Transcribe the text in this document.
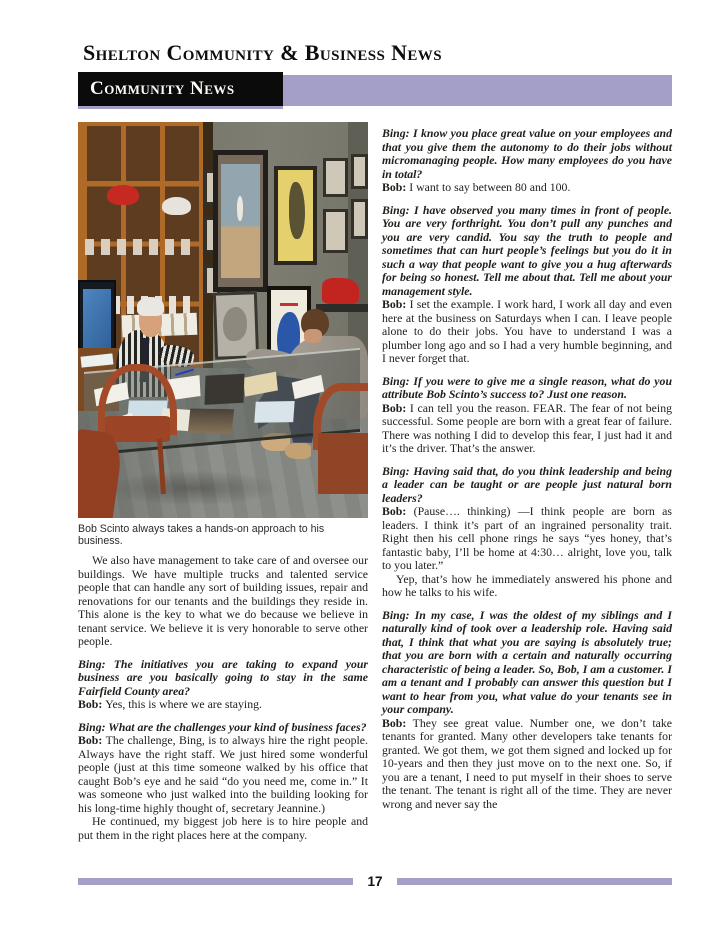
Shelton Community & Business News
Community News
Bob Scinto always takes a hands-on approach to his business.

We also have management to take care of and oversee our buildings. We have multiple trucks and talented service people that can handle any sort of building issues, repair and renovations for our tenants and the buildings they reside in. This alone is the key to what we do because we believe in tenant service. We believe it is very honorable to serve other people.

Bing: The initiatives you are taking to expand your business are you basically going to stay in the same Fairfield County area?

Bob: Yes, this is where we are staying.

Bing: What are the challenges your kind of business faces?

Bob: The challenge, Bing, is to always hire the right people. Always have the right staff. We just hired some wonderful people (just at this time someone walked by his office that caught Bob’s eye and he said “do you need me, come in.” It was someone who just walked into the building looking for his long-time highly thought of, secretary Jeannine.)

He continued, my biggest job here is to hire people and put them in the right places here at the company.

Bing: I know you place great value on your employees and that you give them the autonomy to do their jobs without micromanaging people. How many employees do you have in total?

Bob: I want to say between 80 and 100.

Bing: I have observed you many times in front of people. You are very forthright. You don’t pull any punches and you are very candid. You say the truth to people and sometimes that can hurt people’s feelings but you do it in such a way that people want to give you a hug afterwards for being so honest. Tell me about that. Tell me about your management style.

Bob: I set the example. I work hard, I work all day and even here at the business on Saturdays when I can. I leave people alone to do their jobs. You have to understand I was a plumber long ago and so I had a very humble beginning, and I never forget that.

Bing: If you were to give me a single reason, what do you attribute Bob Scinto’s success to? Just one reason.

Bob: I can tell you the reason. FEAR. The fear of not being successful. Some people are born with a great fear of failure. There was nothing I did to develop this fear, I just had it and it’s the driver. That’s the answer.

Bing: Having said that, do you think leadership and being a leader can be taught or are people just natural born leaders?

Bob: (Pause…. thinking) —I think people are born as leaders. I think it’s part of an ingrained personality trait. Right then his cell phone rings he says “yes honey, that’s fantastic baby, I’ll be home at 4:30… alright, love you, talk to you later.”

Yep, that’s how he immediately answered his phone and how he talks to his wife.

Bing: In my case, I was the oldest of my siblings and I naturally kind of took over a leadership role. Having said that, I think that what you are saying is absolutely true; that you are born with a certain and naturally occurring characteristic of being a leader. So, Bob, I am a customer. I am a tenant and I probably can answer this question but I want to hear from you, what value do your tenants see in your company.

Bob: They see great value. Number one, we don’t take tenants for granted. Many other developers take tenants for granted. We got them, we got them signed and locked up for 10-years and then they just move on to the next one. So, if you are a tenant, I need to put myself in their shoes to serve the tenant. The tenant is right all of the time. They are never wrong and never say the

17
